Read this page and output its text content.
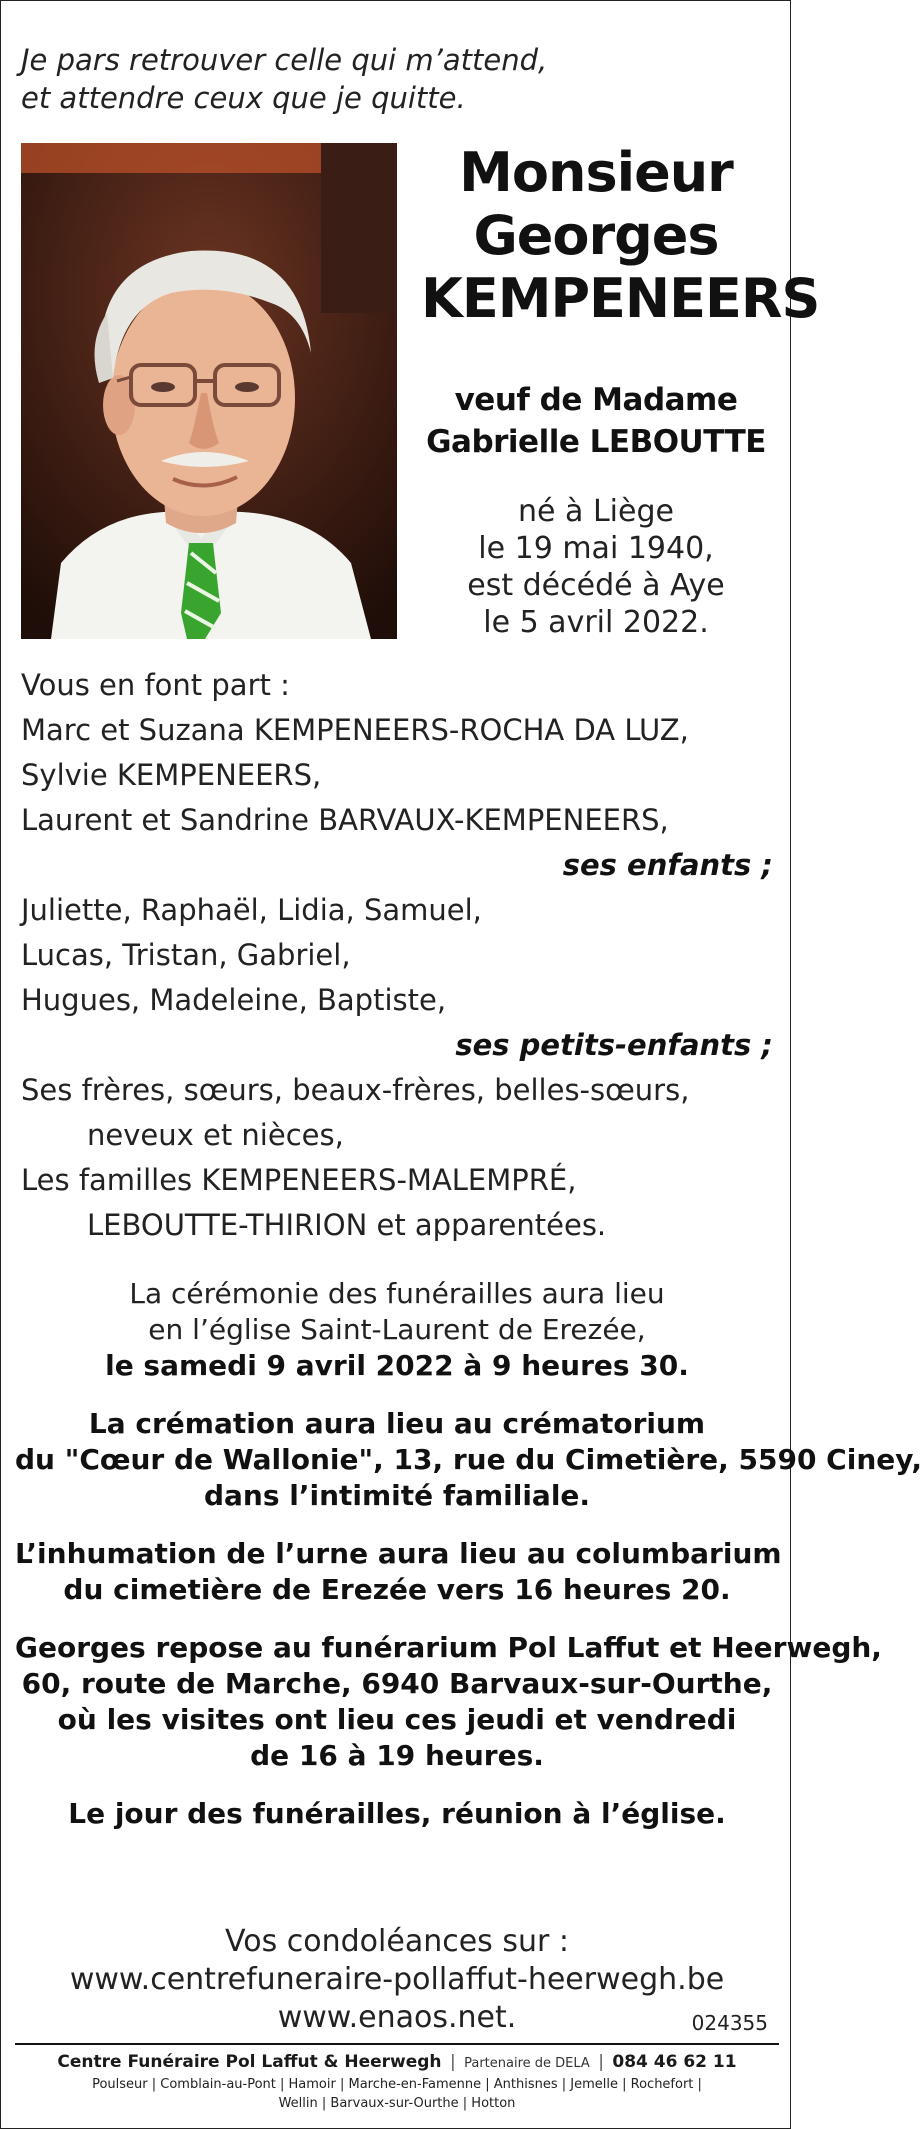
Je pars retrouver celle qui m’attend,
et attendre ceux que je quitte.
Monsieur
Georges
KEMPENEERS
veuf de Madame
Gabrielle LEBOUTTE
né à Liège
le 19 mai 1940,
est décédé à Aye
le 5 avril 2022.
Vous en font part :
Marc et Suzana KEMPENEERS-ROCHA DA LUZ,
Sylvie KEMPENEERS,
Laurent et Sandrine BARVAUX-KEMPENEERS,
ses enfants ;
Juliette, Raphaël, Lidia, Samuel,
Lucas, Tristan, Gabriel,
Hugues, Madeleine, Baptiste,
ses petits-enfants ;
Ses frères, sœurs, beaux-frères, belles-sœurs,
neveux et nièces,
Les familles KEMPENEERS-MALEMPRÉ,
LEBOUTTE-THIRION et apparentées.
La cérémonie des funérailles aura lieu
en l’église Saint-Laurent de Erezée,
le samedi 9 avril 2022 à 9 heures 30.
La crémation aura lieu au crématorium
du "Cœur de Wallonie", 13, rue du Cimetière, 5590 Ciney,
dans l’intimité familiale.
L’inhumation de l’urne aura lieu au columbarium
du cimetière de Erezée vers 16 heures 20.
Georges repose au funérarium Pol Laffut et Heerwegh,
60, route de Marche, 6940 Barvaux-sur-Ourthe,
où les visites ont lieu ces jeudi et vendredi
de 16 à 19 heures.
Le jour des funérailles, réunion à l’église.
Vos condoléances sur :
www.centrefuneraire-pollaffut-heerwegh.be
www.enaos.net.	024355
Centre Funéraire Pol Laffut & Heerwegh | Partenaire de DELA | 084 46 62 11
Poulseur | Comblain-au-Pont | Hamoir | Marche-en-Famenne | Anthisnes | Jemelle | Rochefort |
Wellin | Barvaux-sur-Ourthe | Hotton
